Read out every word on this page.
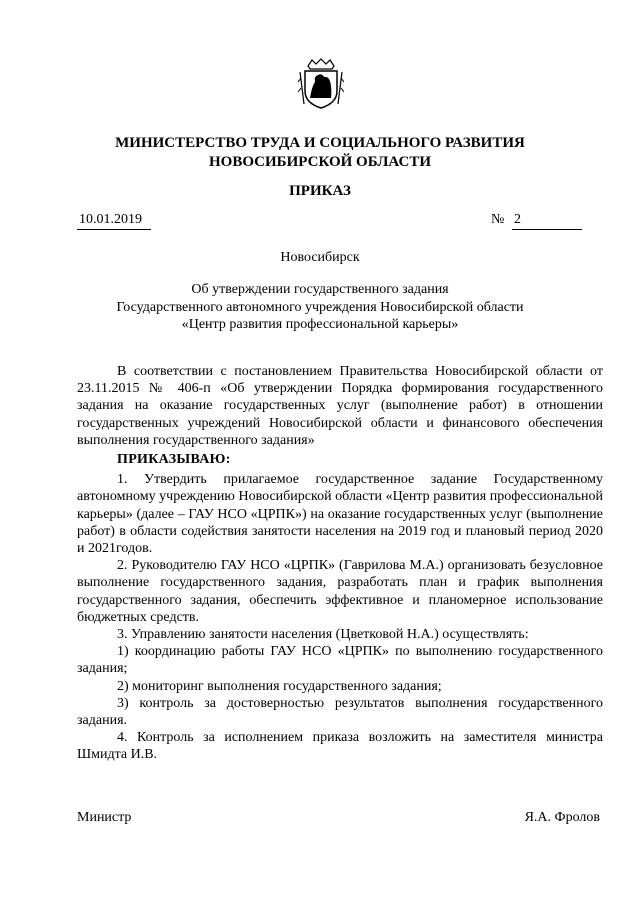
МИНИСТЕРСТВО ТРУДА И СОЦИАЛЬНОГО РАЗВИТИЯ
НОВОСИБИРСКОЙ ОБЛАСТИ
ПРИКАЗ
10.01.2019	№ 2
Новосибирск
Об утверждении государственного задания
Государственного автономного учреждения Новосибирской области
«Центр развития профессиональной карьеры»

В соответствии с постановлением Правительства Новосибирской области от 23.11.2015 № 406-п «Об утверждении Порядка формирования государственного задания на оказание государственных услуг (выполнение работ) в отношении государственных учреждений Новосибирской области и финансового обеспечения выполнения государственного задания»

ПРИКАЗЫВАЮ:

1. Утвердить прилагаемое государственное задание Государственному автономному учреждению Новосибирской области «Центр развития профессиональной карьеры» (далее – ГАУ НСО «ЦРПК») на оказание государственных услуг (выполнение работ) в области содействия занятости населения на 2019 год и плановый период 2020 и 2021годов.

2. Руководителю ГАУ НСО «ЦРПК» (Гаврилова М.А.) организовать безусловное выполнение государственного задания, разработать план и график выполнения государственного задания, обеспечить эффективное и планомерное использование бюджетных средств.

3. Управлению занятости населения (Цветковой Н.А.) осуществлять:

1) координацию работы ГАУ НСО «ЦРПК» по выполнению государственного задания;

2) мониторинг выполнения государственного задания;

3) контроль за достоверностью результатов выполнения государственного задания.

4. Контроль за исполнением приказа возложить на заместителя министра Шмидта И.В.

Министр	Я.А. Фролов
